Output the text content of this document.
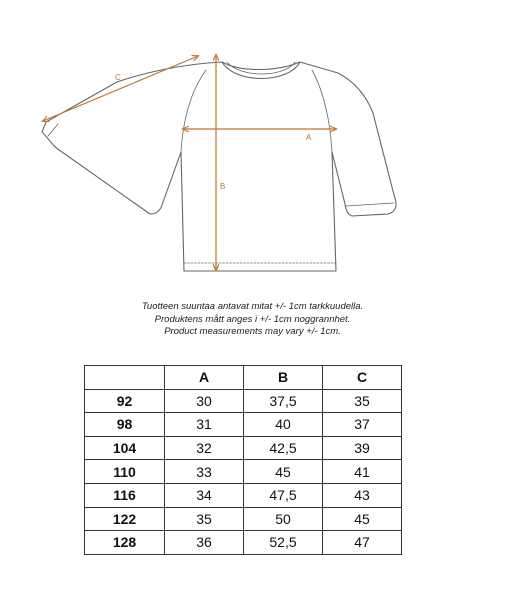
C
A
B
Tuotteen suuntaa antavat mitat +/- 1cm tarkkuudella.
Produktens mått anges i +/- 1cm noggrannhet.
Product measurements may vary +/- 1cm.
	A	B	C
92	30	37,5	35
98	31	40	37
104	32	42,5	39
110	33	45	41
116	34	47,5	43
122	35	50	45
128	36	52,5	47
